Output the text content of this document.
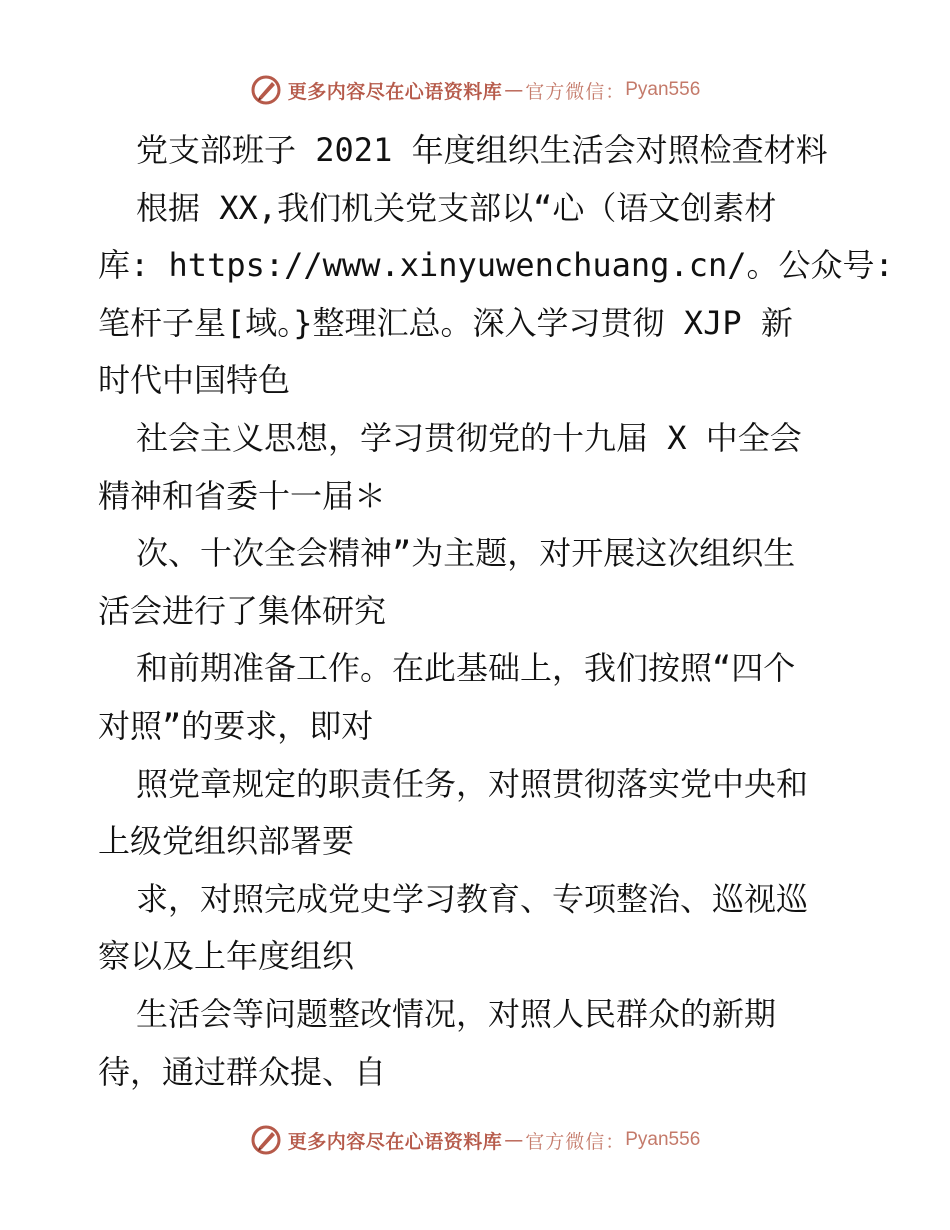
更多内容尽在心语资料库 — 官方微信： Pyan556
党支部班子 2021 年度组织生活会对照检查材料
根据 XX,我们机关党支部以“心（语文创素材
库: https://www.xinyuwenchuang.cn/。公众号:
笔杆子星[域。}整理汇总。深入学习贯彻 XJP 新
时代中国特色
社会主义思想，学习贯彻党的十九届 X 中全会
精神和省委十一届＊
次、十次全会精神”为主题，对开展这次组织生
活会进行了集体研究
和前期准备工作。在此基础上，我们按照“四个
对照”的要求，即对
照党章规定的职责任务，对照贯彻落实党中央和
上级党组织部署要
求，对照完成党史学习教育、专项整治、巡视巡
察以及上年度组织
生活会等问题整改情况，对照人民群众的新期
待，通过群众提、自
更多内容尽在心语资料库 — 官方微信： Pyan556
